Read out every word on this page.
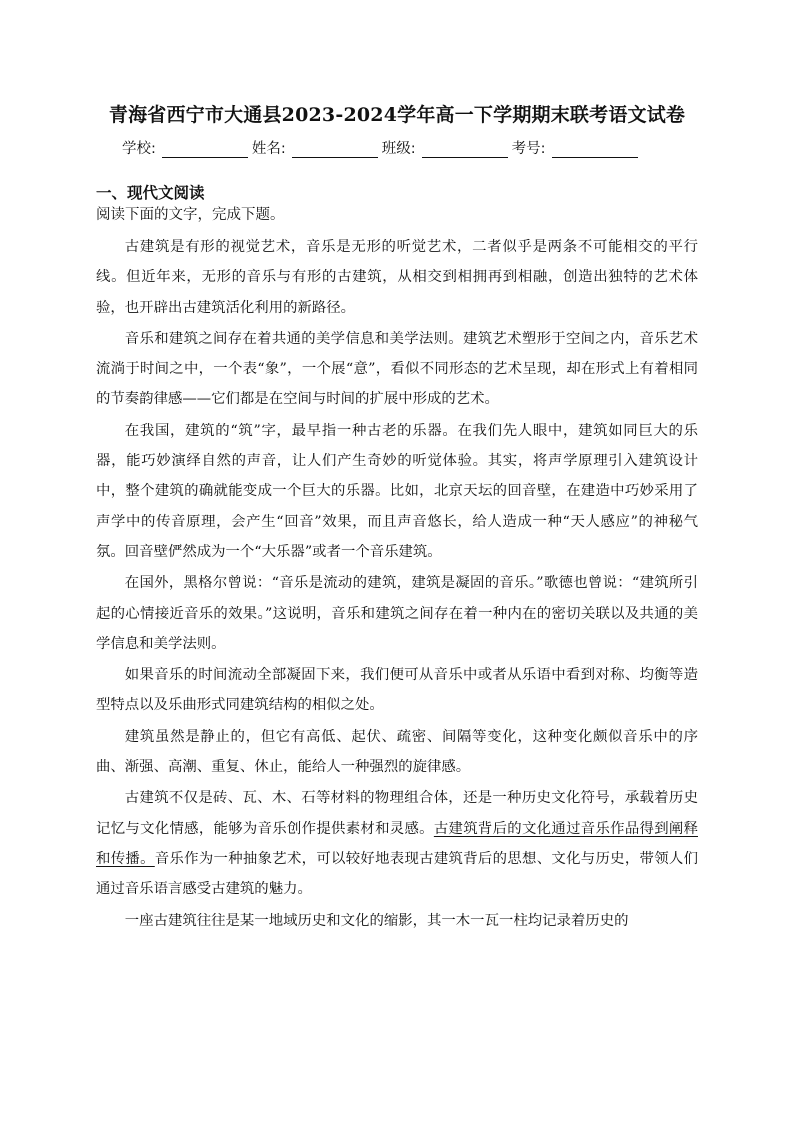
青海省西宁市大通县2023-2024学年高一下学期期末联考语文试卷
学校:	姓名:	班级:	考号:
一、现代文阅读
阅读下面的文字，完成下题。

古建筑是有形的视觉艺术，音乐是无形的听觉艺术，二者似乎是两条不可能相交的平行线。但近年来，无形的音乐与有形的古建筑，从相交到相拥再到相融，创造出独特的艺术体验，也开辟出古建筑活化利用的新路径。

音乐和建筑之间存在着共通的美学信息和美学法则。建筑艺术塑形于空间之内，音乐艺术流淌于时间之中，一个表“象”，一个展“意”，看似不同形态的艺术呈现，却在形式上有着相同的节奏韵律感——它们都是在空间与时间的扩展中形成的艺术。

在我国，建筑的“筑”字，最早指一种古老的乐器。在我们先人眼中，建筑如同巨大的乐器，能巧妙演绎自然的声音，让人们产生奇妙的听觉体验。其实，将声学原理引入建筑设计中，整个建筑的确就能变成一个巨大的乐器。比如，北京天坛的回音壁，在建造中巧妙采用了声学中的传音原理，会产生“回音”效果，而且声音悠长，给人造成一种“天人感应”的神秘气氛。回音壁俨然成为一个“大乐器”或者一个音乐建筑。

在国外，黑格尔曾说：“音乐是流动的建筑，建筑是凝固的音乐。”歌德也曾说：“建筑所引起的心情接近音乐的效果。”这说明，音乐和建筑之间存在着一种内在的密切关联以及共通的美学信息和美学法则。

如果音乐的时间流动全部凝固下来，我们便可从音乐中或者从乐语中看到对称、均衡等造型特点以及乐曲形式同建筑结构的相似之处。

建筑虽然是静止的，但它有高低、起伏、疏密、间隔等变化，这种变化颇似音乐中的序曲、渐强、高潮、重复、休止，能给人一种强烈的旋律感。

古建筑不仅是砖、瓦、木、石等材料的物理组合体，还是一种历史文化符号，承载着历史记忆与文化情感，能够为音乐创作提供素材和灵感。古建筑背后的文化通过音乐作品得到阐释和传播。音乐作为一种抽象艺术，可以较好地表现古建筑背后的思想、文化与历史，带领人们通过音乐语言感受古建筑的魅力。

一座古建筑往往是某一地域历史和文化的缩影，其一木一瓦一柱均记录着历史的
